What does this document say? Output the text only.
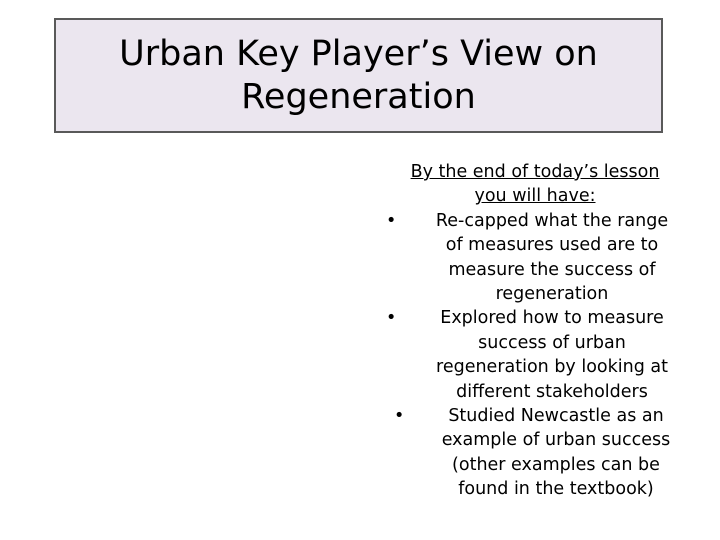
Urban Key Player’s View on
Regeneration

By the end of today’s lesson
you will have:

•	Re-capped what the range
of measures used are to
measure the success of
regeneration
•	Explored how to measure
success of urban
regeneration by looking at
different stakeholders
•	Studied Newcastle as an
example of urban success
(other examples can be
found in the textbook)
